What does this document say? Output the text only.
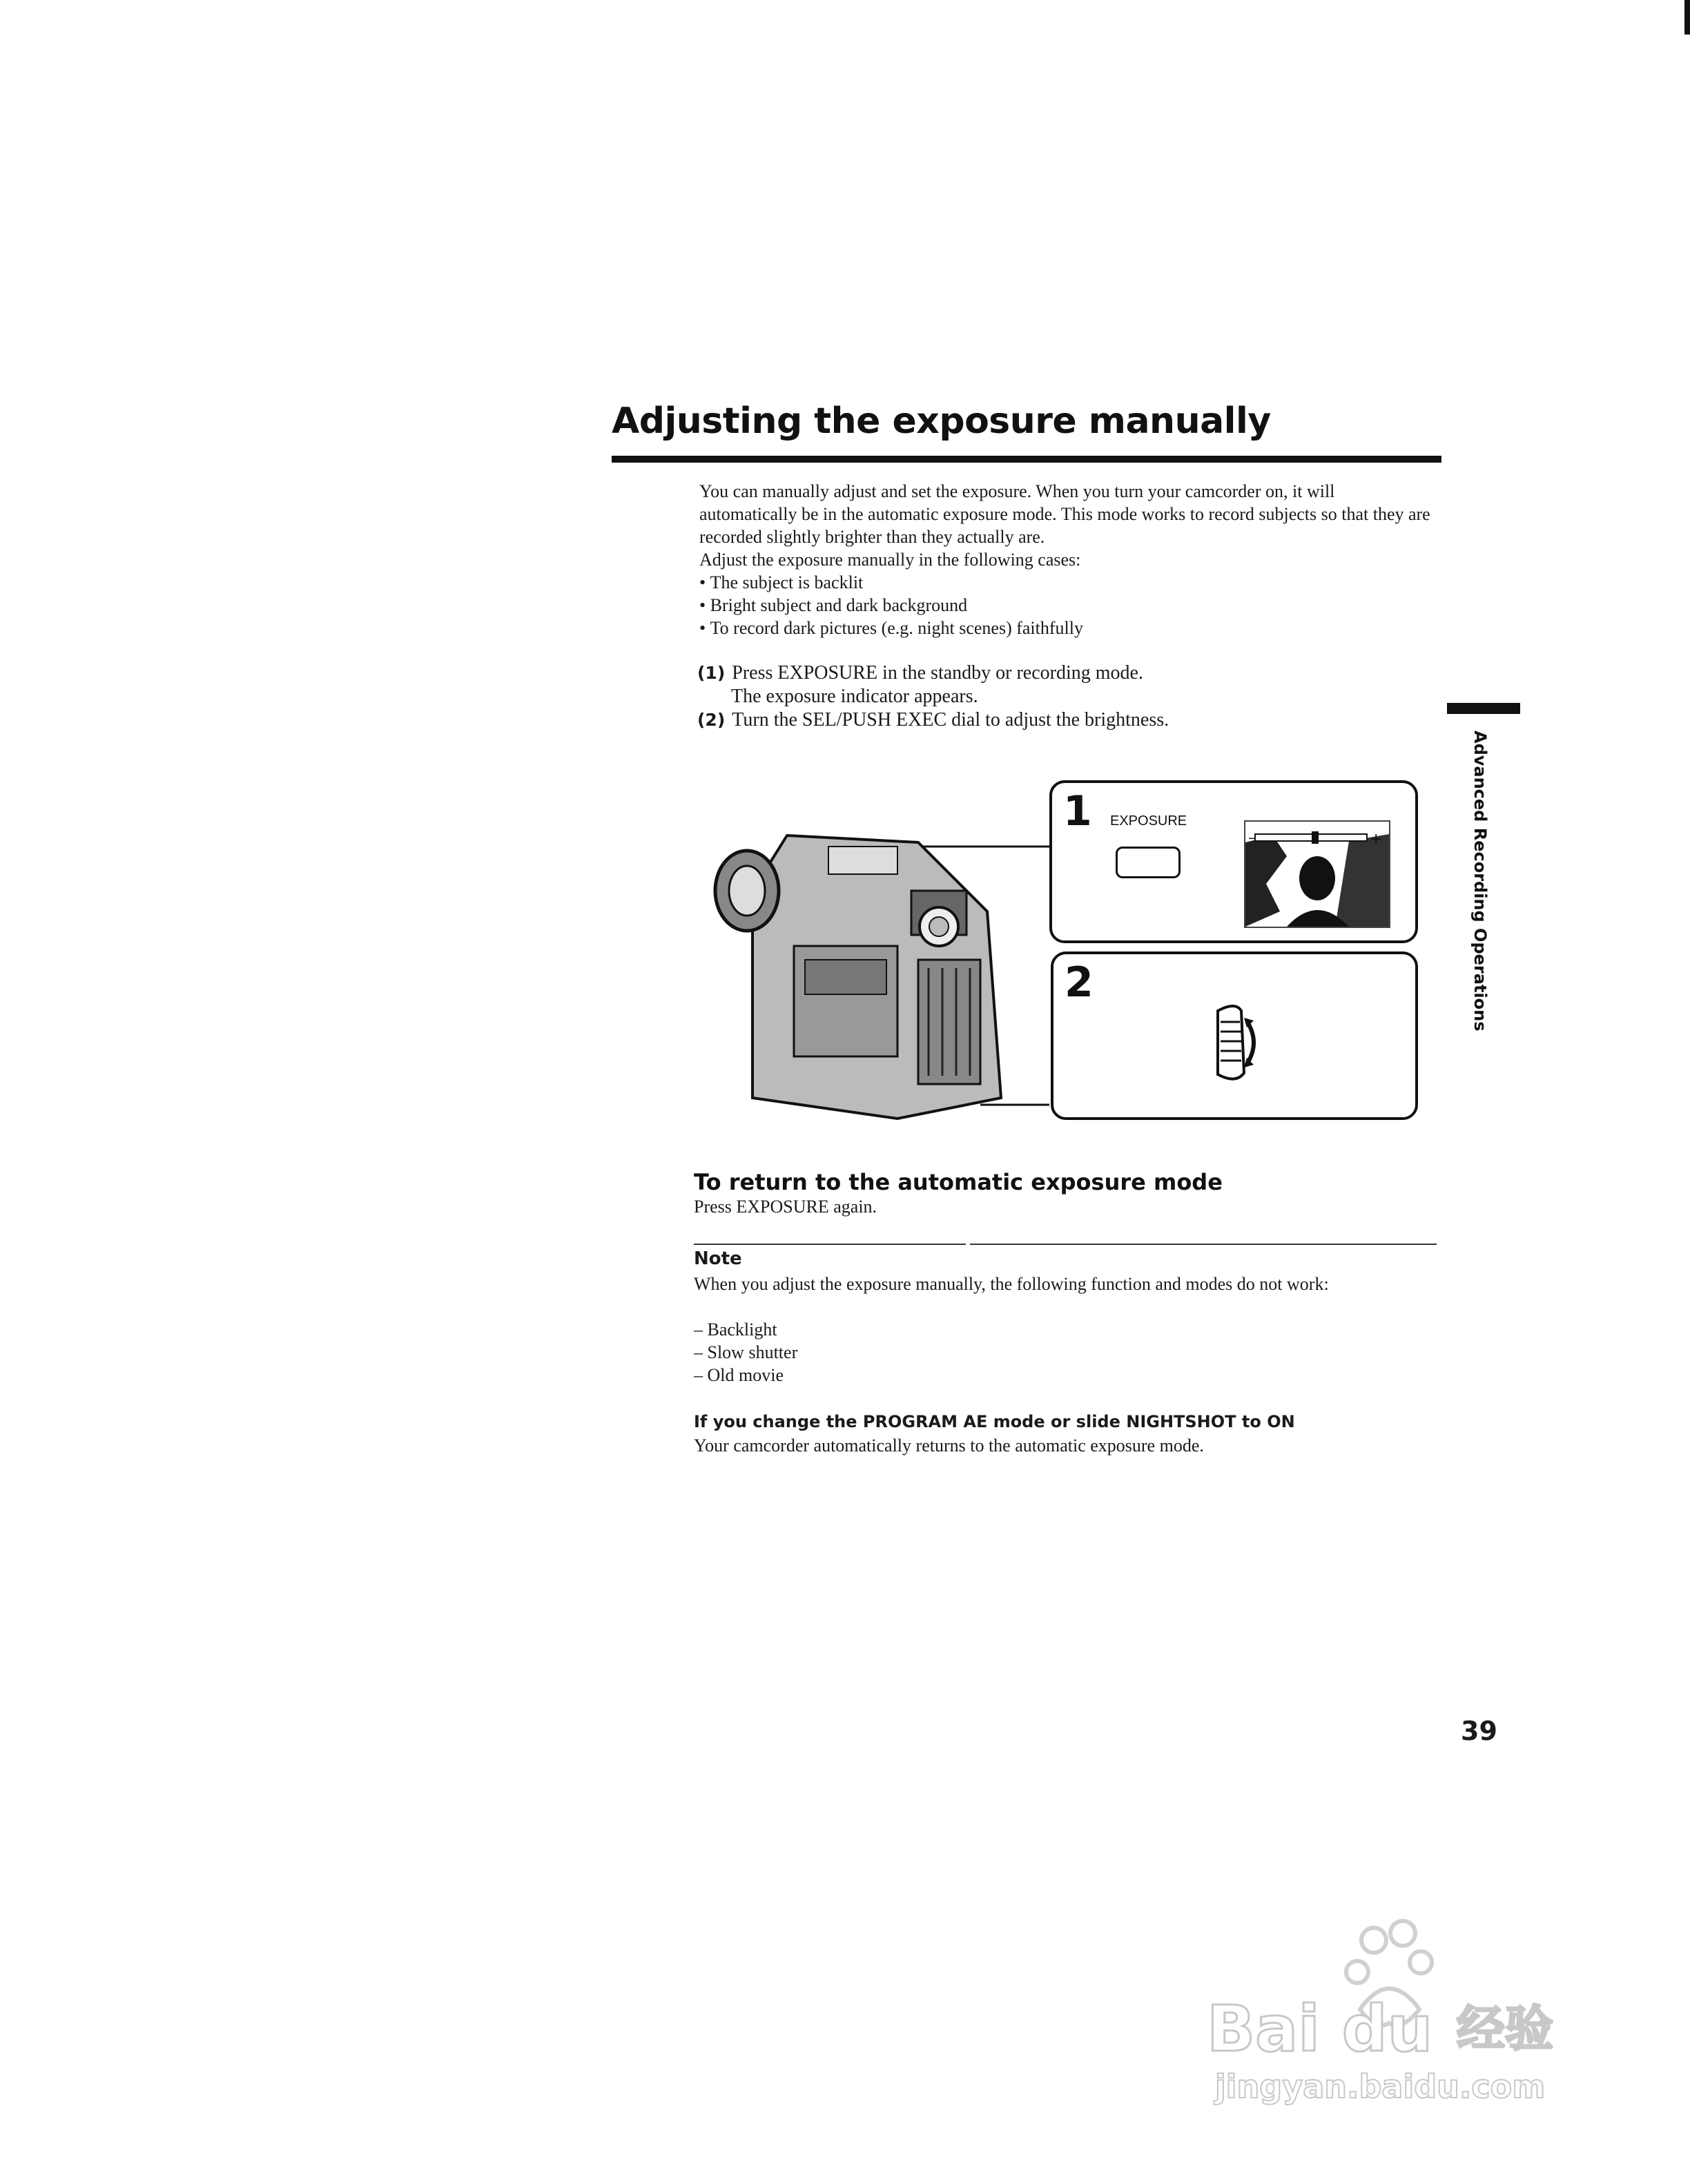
Adjusting the exposure manually

You can manually adjust and set the exposure. When you turn your camcorder on, it will automatically be in the automatic exposure mode. This mode works to record subjects so that they are recorded slightly brighter than they actually are.

Adjust the exposure manually in the following cases:

• The subject is backlit
• Bright subject and dark background
• To record dark pictures (e.g. night scenes) faithfully

(1) Press EXPOSURE in the standby or recording mode.

The exposure indicator appears.

(2) Turn the SEL/PUSH EXEC dial to adjust the brightness.

1 EXPOSURE
–	+
2	Advanced Recording Operations
To return to the automatic exposure mode

Press EXPOSURE again.

Note

When you adjust the exposure manually, the following function and modes do not work:

– Backlight
– Slow shutter
– Old movie
If you change the PROGRAM AE mode or slide NIGHTSHOT to ON

Your camcorder automatically returns to the automatic exposure mode.

39
Bai du 经验
jingyan.baidu.com
